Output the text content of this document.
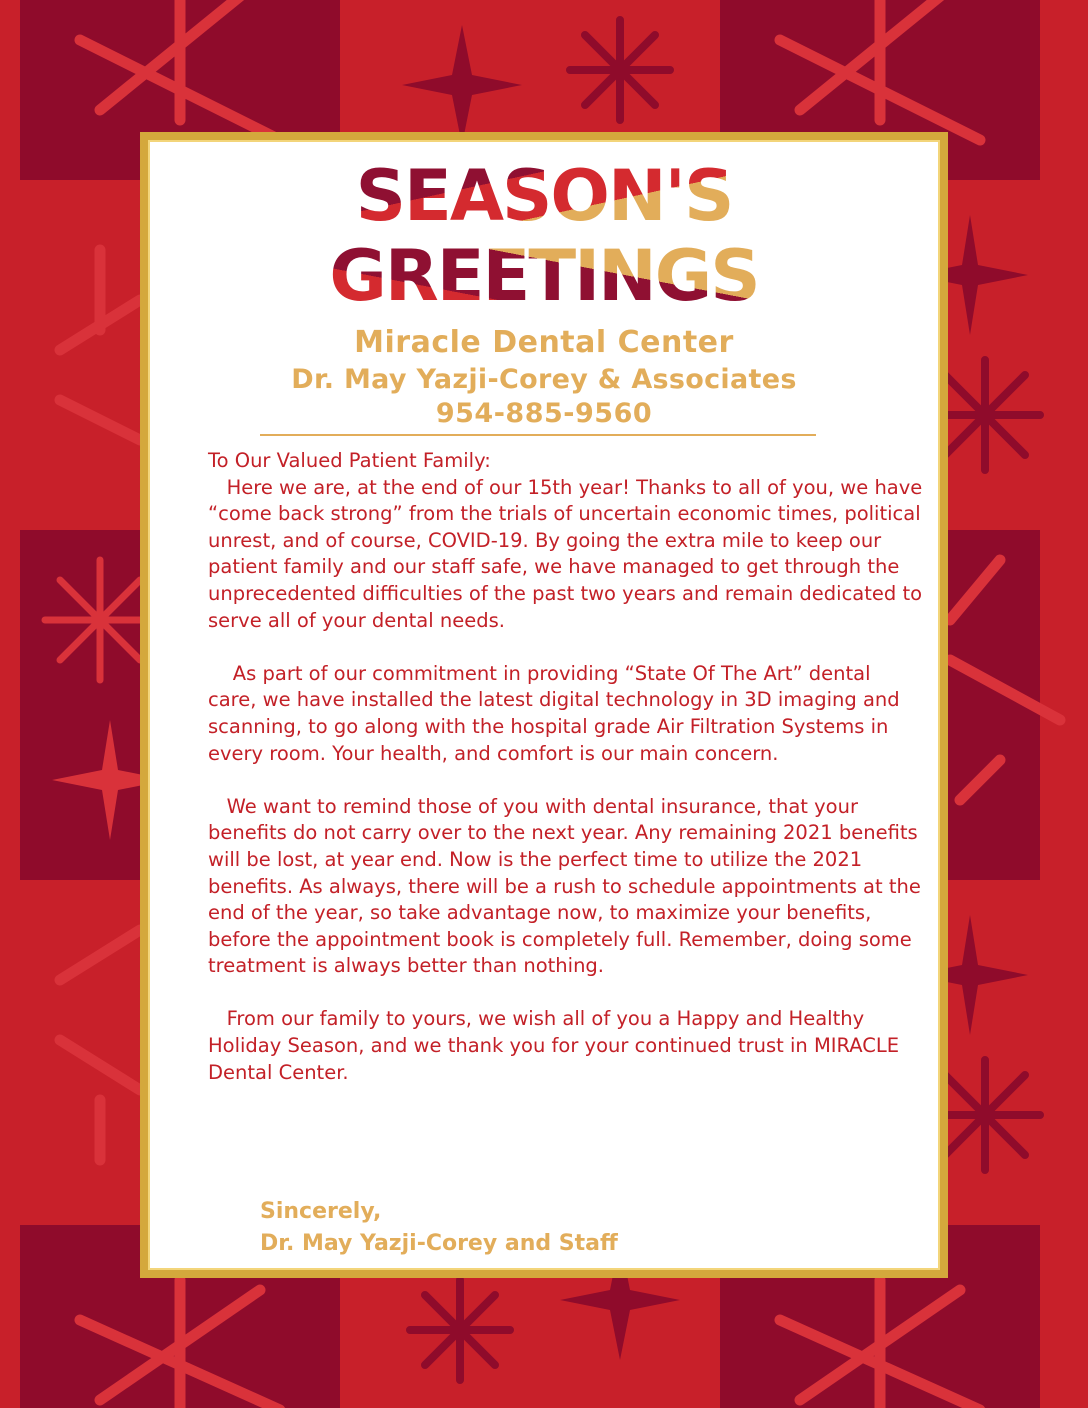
SEASON'S
GREETINGS
Miracle Dental Center
Dr. May Yazji-Corey & Associates
954-885-9560

To Our Valued Patient Family:

Here we are, at the end of our 15th year! Thanks to all of you, we have “come back strong” from the trials of uncertain economic times, political unrest, and of course, COVID-19. By going the extra mile to keep our patient family and our staff safe, we have managed to get through the unprecedented difficulties of the past two years and remain dedicated to serve all of your dental needs.

As part of our commitment in providing “State Of The Art” dental care, we have installed the latest digital technology in 3D imaging and scanning, to go along with the hospital grade Air Filtration Systems in every room. Your health, and comfort is our main concern.

We want to remind those of you with dental insurance, that your benefits do not carry over to the next year. Any remaining 2021 benefits will be lost, at year end. Now is the perfect time to utilize the 2021 benefits. As always, there will be a rush to schedule appointments at the end of the year, so take advantage now, to maximize your benefits, before the appointment book is completely full. Remember, doing some treatment is always better than nothing.

From our family to yours, we wish all of you a Happy and Healthy Holiday Season, and we thank you for your continued trust in MIRACLE Dental Center.

Sincerely,
Dr. May Yazji-Corey and Staff
